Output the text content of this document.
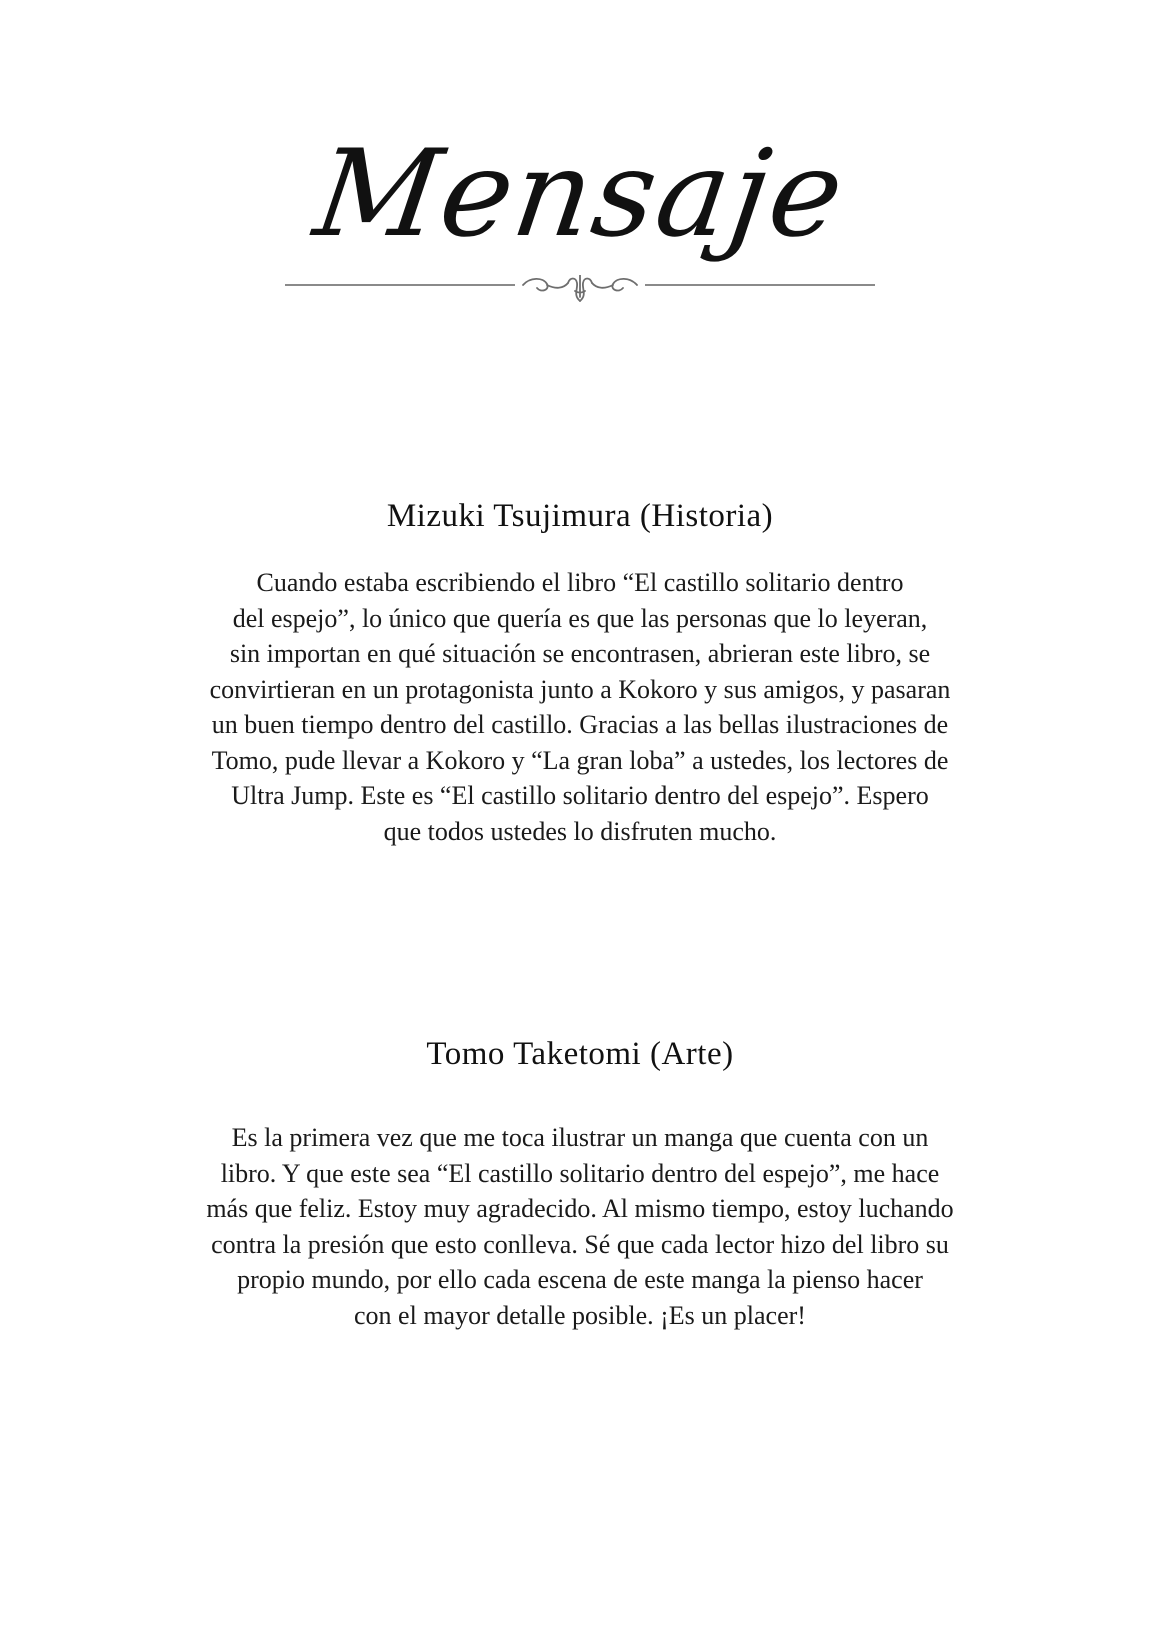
Mensaje
Mizuki Tsujimura (Historia)

Cuando estaba escribiendo el libro “El castillo solitario dentro
del espejo”, lo único que quería es que las personas que lo leyeran,
sin importan en qué situación se encontrasen, abrieran este libro, se
convirtieran en un protagonista junto a Kokoro y sus amigos, y pasaran
un buen tiempo dentro del castillo. Gracias a las bellas ilustraciones de
Tomo, pude llevar a Kokoro y “La gran loba” a ustedes, los lectores de
Ultra Jump. Este es “El castillo solitario dentro del espejo”. Espero
que todos ustedes lo disfruten mucho.

Tomo Taketomi (Arte)

Es la primera vez que me toca ilustrar un manga que cuenta con un
libro. Y que este sea “El castillo solitario dentro del espejo”, me hace
más que feliz. Estoy muy agradecido. Al mismo tiempo, estoy luchando
contra la presión que esto conlleva. Sé que cada lector hizo del libro su
propio mundo, por ello cada escena de este manga la pienso hacer
con el mayor detalle posible. ¡Es un placer!
